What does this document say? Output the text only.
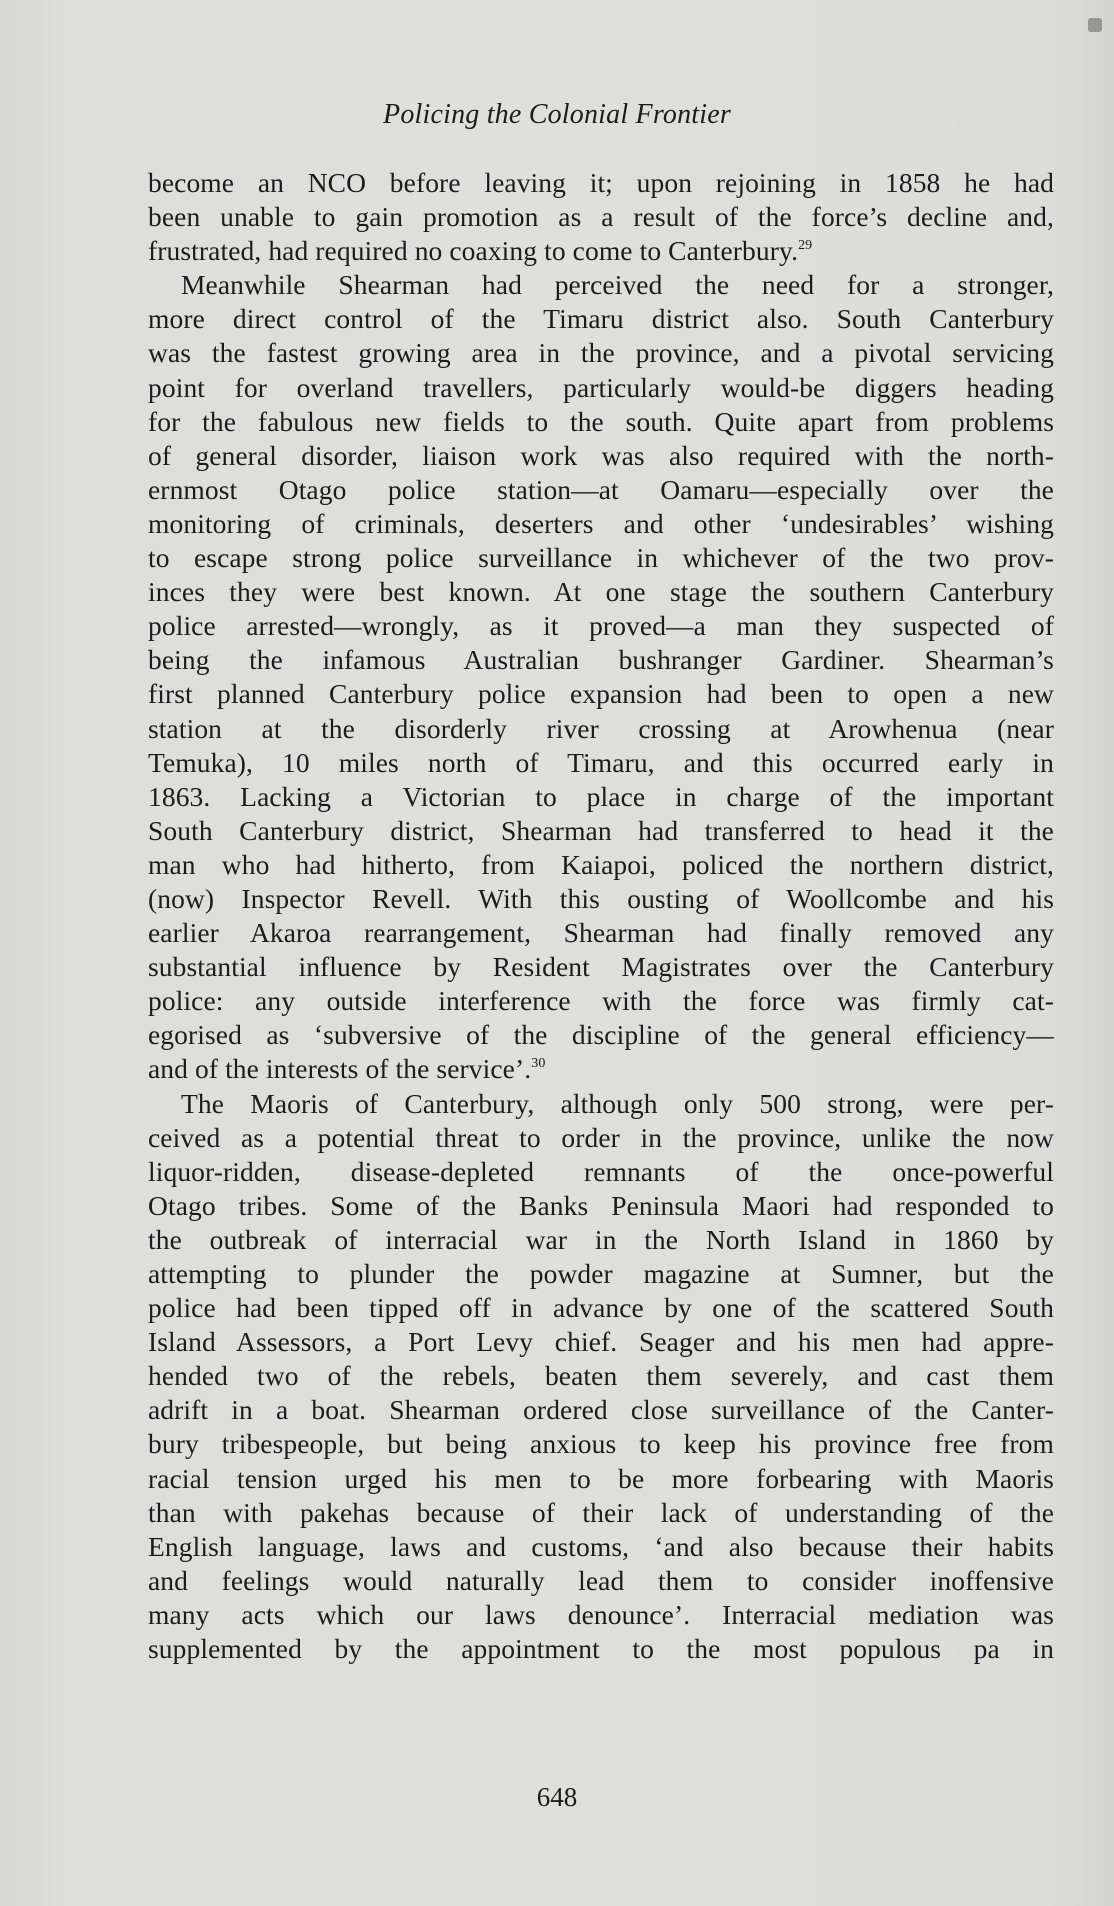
Policing the Colonial Frontier
become an NCO before leaving it; upon rejoining in 1858 he had
been unable to gain promotion as a result of the force’s decline and,
frustrated, had required no coaxing to come to Canterbury.$^{29}$
Meanwhile Shearman had perceived the need for a stronger,
more direct control of the Timaru district also. South Canterbury
was the fastest growing area in the province, and a pivotal servicing
point for overland travellers, particularly would-be diggers heading
for the fabulous new fields to the south. Quite apart from problems
of general disorder, liaison work was also required with the north-
ernmost Otago police station—at Oamaru—especially over the
monitoring of criminals, deserters and other ‘undesirables’ wishing
to escape strong police surveillance in whichever of the two prov-
inces they were best known. At one stage the southern Canterbury
police arrested—wrongly, as it proved—a man they suspected of
being the infamous Australian bushranger Gardiner. Shearman’s
first planned Canterbury police expansion had been to open a new
station at the disorderly river crossing at Arowhenua (near
Temuka), 10 miles north of Timaru, and this occurred early in
1863. Lacking a Victorian to place in charge of the important
South Canterbury district, Shearman had transferred to head it the
man who had hitherto, from Kaiapoi, policed the northern district,
(now) Inspector Revell. With this ousting of Woollcombe and his
earlier Akaroa rearrangement, Shearman had finally removed any
substantial influence by Resident Magistrates over the Canterbury
police: any outside interference with the force was firmly cat-
egorised as ‘subversive of the discipline of the general efficiency—
and of the interests of the service’.$^{30}$
The Maoris of Canterbury, although only 500 strong, were per-
ceived as a potential threat to order in the province, unlike the now
liquor-ridden, disease-depleted remnants of the once-powerful
Otago tribes. Some of the Banks Peninsula Maori had responded to
the outbreak of interracial war in the North Island in 1860 by
attempting to plunder the powder magazine at Sumner, but the
police had been tipped off in advance by one of the scattered South
Island Assessors, a Port Levy chief. Seager and his men had appre-
hended two of the rebels, beaten them severely, and cast them
adrift in a boat. Shearman ordered close surveillance of the Canter-
bury tribespeople, but being anxious to keep his province free from
racial tension urged his men to be more forbearing with Maoris
than with pakehas because of their lack of understanding of the
English language, laws and customs, ‘and also because their habits
and feelings would naturally lead them to consider inoffensive
many acts which our laws denounce’. Interracial mediation was
supplemented by the appointment to the most populous pa in
648
